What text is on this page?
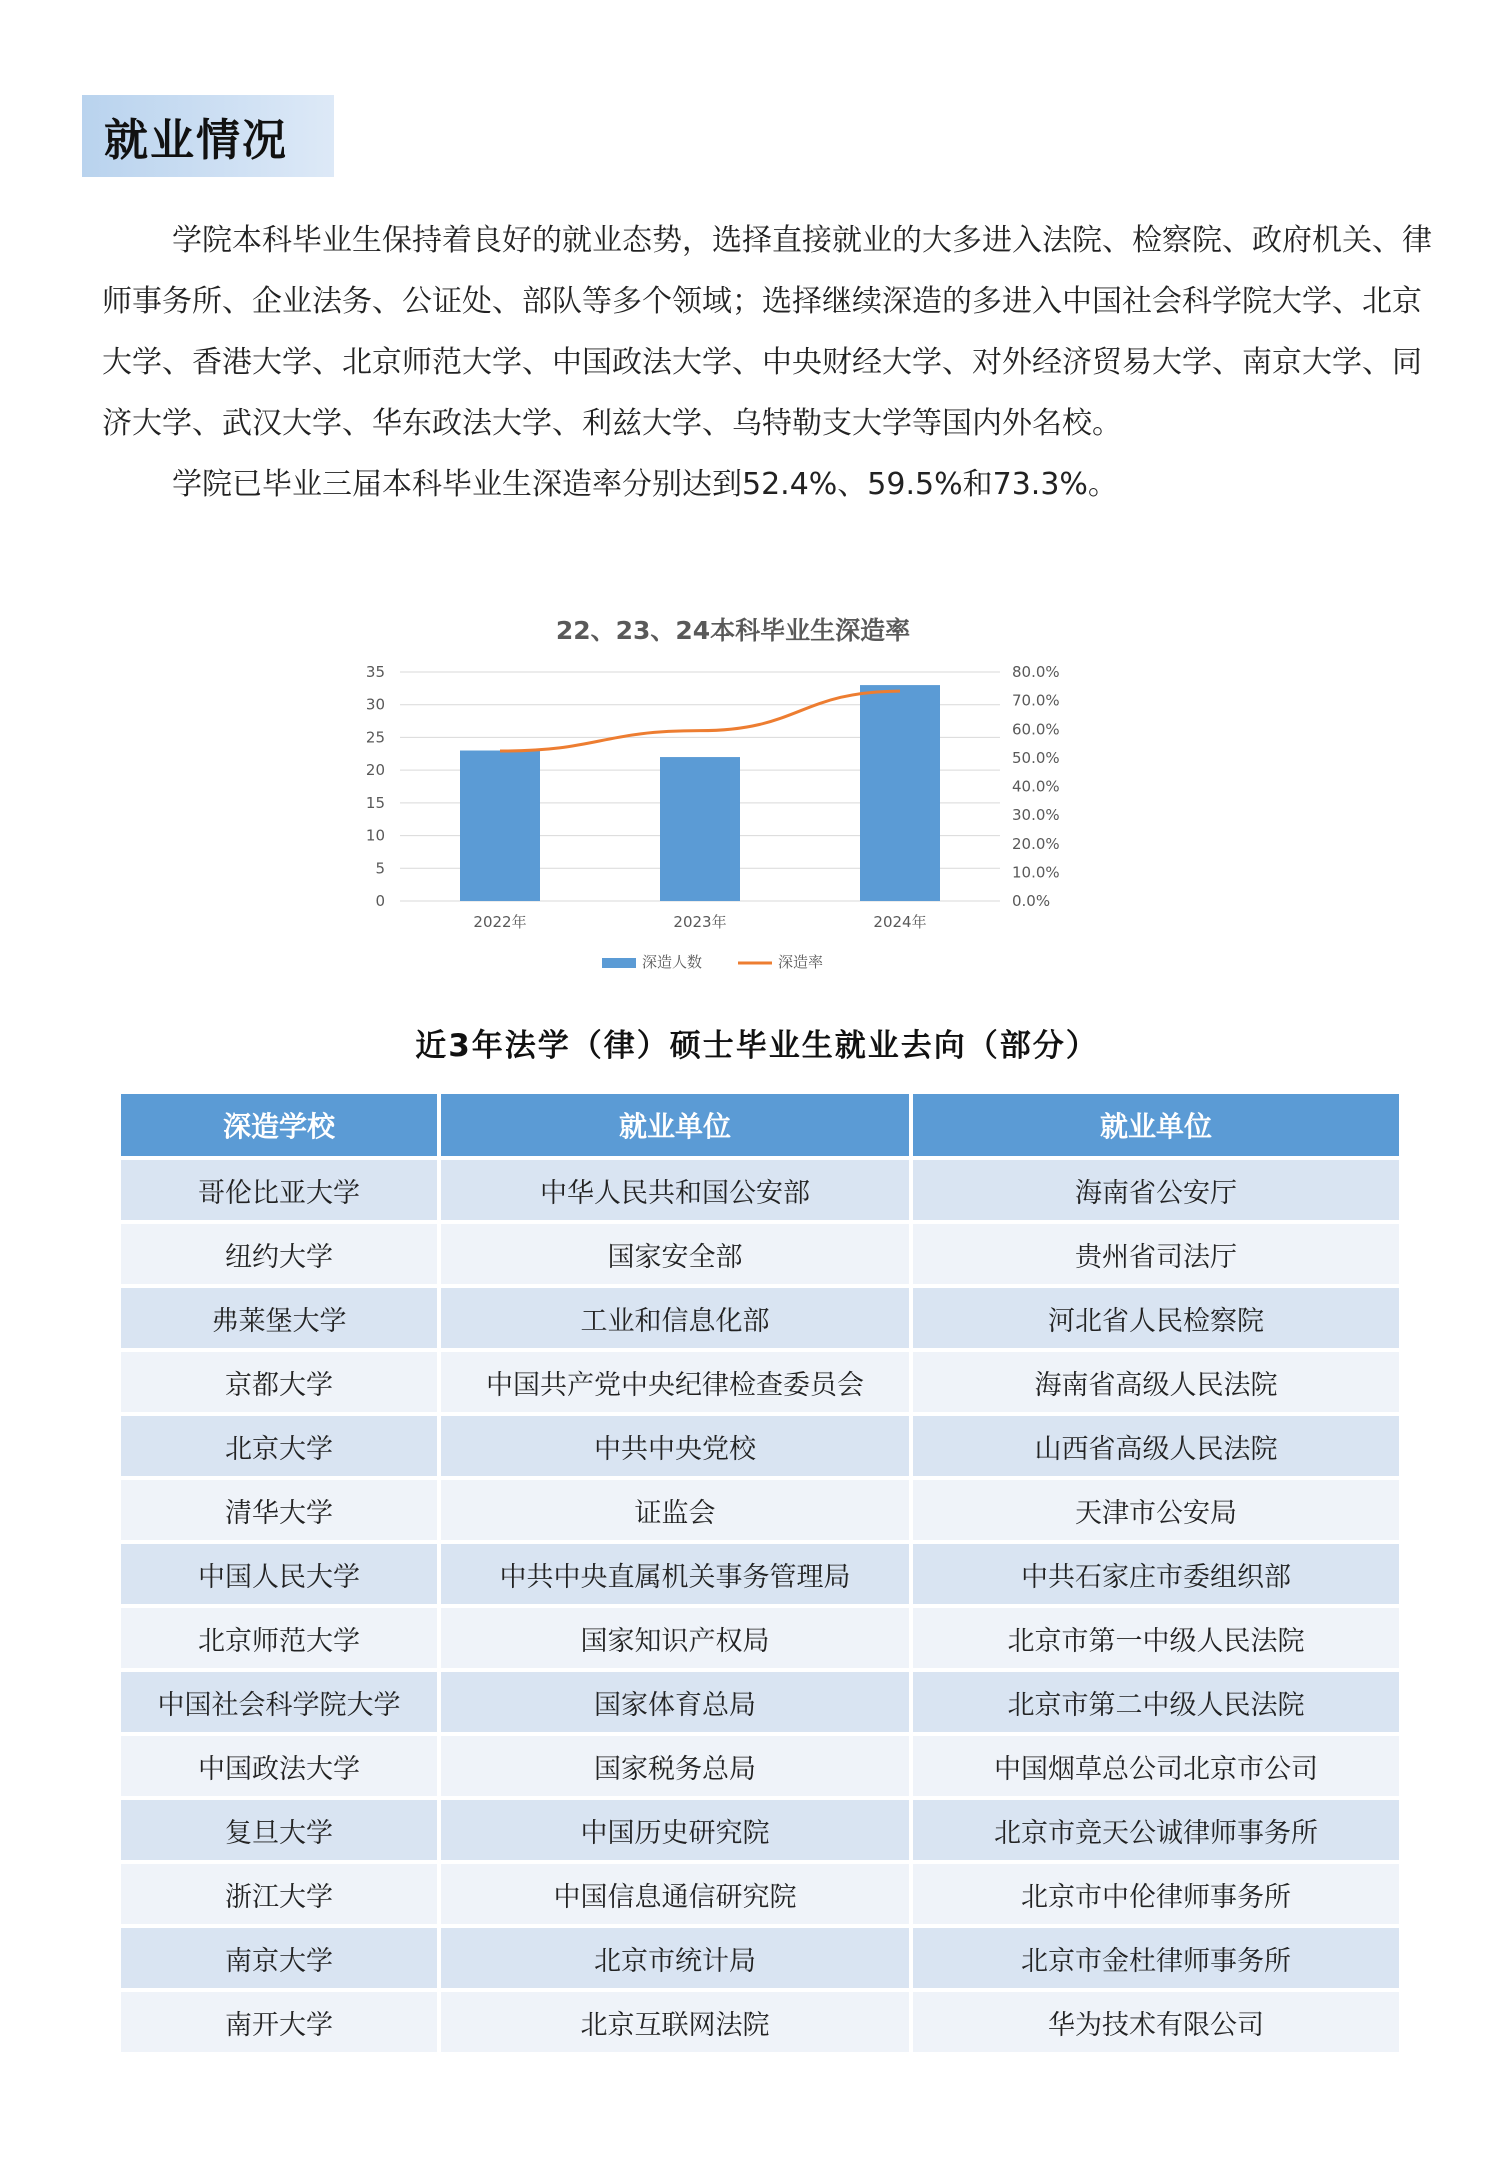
就业情况

学院本科毕业生保持着良好的就业态势，选择直接就业的大多进入法院、检察院、政府机关、律师事务所、企业法务、公证处、部队等多个领域；选择继续深造的多进入中国社会科学院大学、北京大学、香港大学、北京师范大学、中国政法大学、中央财经大学、对外经济贸易大学、南京大学、同济大学、武汉大学、华东政法大学、利兹大学、乌特勒支大学等国内外名校。

学院已毕业三届本科毕业生深造率分别达到52.4%、59.5%和73.3%。

22、23、24本科毕业生深造率
0
5
10
15
20
25
30
35
0.0%
10.0%
20.0%
30.0%
40.0%
50.0%
60.0%
70.0%
80.0%
2022年	2023年	2024年
深造人数	深造率
近3年法学（律）硕士毕业生就业去向（部分）
深造学校	就业单位	就业单位
哥伦比亚大学	中华人民共和国公安部	海南省公安厅
纽约大学	国家安全部	贵州省司法厅
弗莱堡大学	工业和信息化部	河北省人民检察院
京都大学	中国共产党中央纪律检查委员会	海南省高级人民法院
北京大学	中共中央党校	山西省高级人民法院
清华大学	证监会	天津市公安局
中国人民大学	中共中央直属机关事务管理局	中共石家庄市委组织部
北京师范大学	国家知识产权局	北京市第一中级人民法院
中国社会科学院大学	国家体育总局	北京市第二中级人民法院
中国政法大学	国家税务总局	中国烟草总公司北京市公司
复旦大学	中国历史研究院	北京市竞天公诚律师事务所
浙江大学	中国信息通信研究院	北京市中伦律师事务所
南京大学	北京市统计局	北京市金杜律师事务所
南开大学	北京互联网法院	华为技术有限公司
